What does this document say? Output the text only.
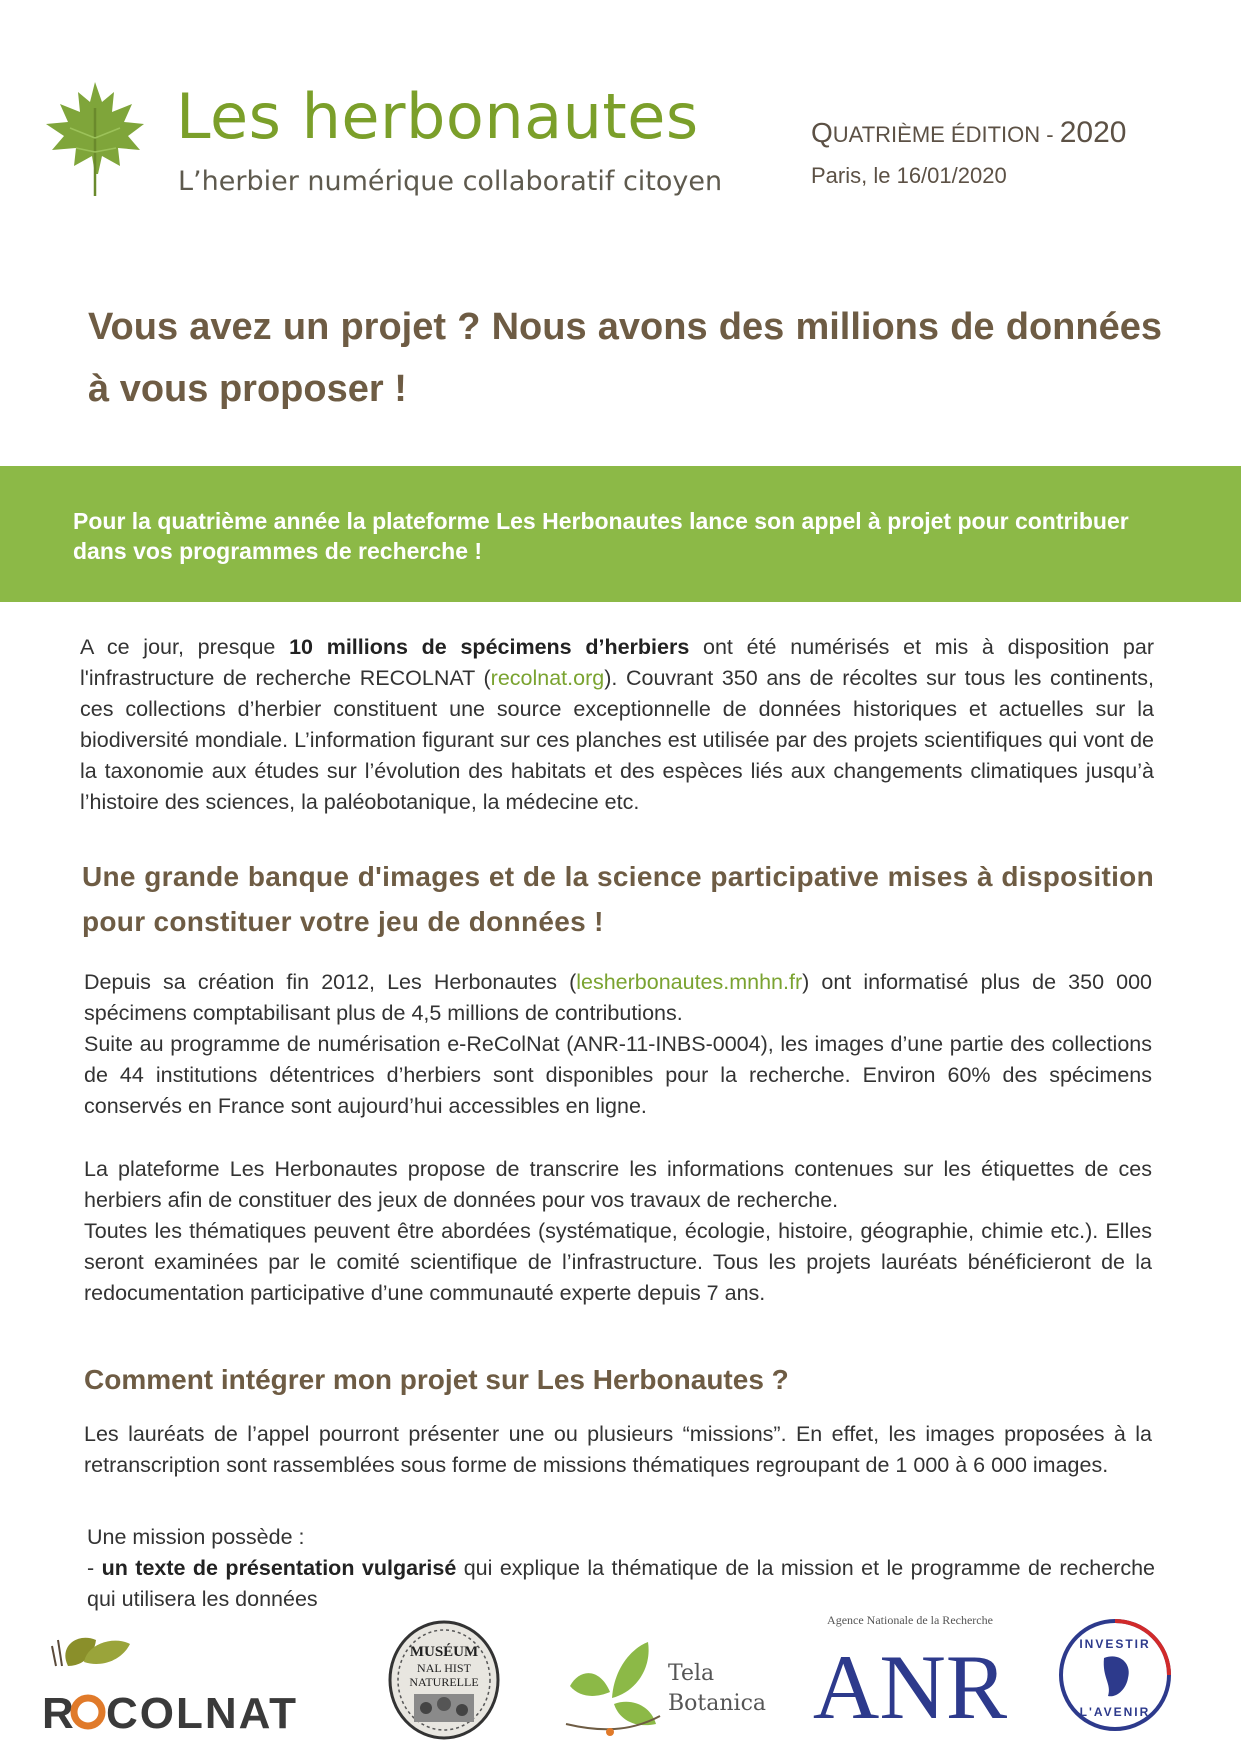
Les herbonautes
L’herbier numérique collaboratif citoyen
QUATRIÈME ÉDITION - 2020
Paris, le 16/01/2020
Vous avez un projet ? Nous avons des millions de données à vous proposer !
Pour la quatrième année la plateforme Les Herbonautes lance son appel à projet pour contribuer dans vos programmes de recherche !
A ce jour, presque 10 millions de spécimens d’herbiers ont été numérisés et mis à disposition par l'infrastructure de recherche RECOLNAT (recolnat.org). Couvrant 350 ans de récoltes sur tous les continents, ces collections d’herbier constituent une source exceptionnelle de données historiques et actuelles sur la biodiversité mondiale. L’information figurant sur ces planches est utilisée par des projets scientifiques qui vont de la taxonomie aux études sur l’évolution des habitats et des espèces liés aux changements climatiques jusqu’à l’histoire des sciences, la paléobotanique, la médecine etc.
Une grande banque d'images et de la science participative mises à disposition pour constituer votre jeu de données !
Depuis sa création fin 2012, Les Herbonautes (lesherbonautes.mnhn.fr) ont informatisé plus de 350 000 spécimens comptabilisant plus de 4,5 millions de contributions.
Suite au programme de numérisation e-ReColNat (ANR-11-INBS-0004), les images d’une partie des collections de 44 institutions détentrices d’herbiers sont disponibles pour la recherche. Environ 60% des spécimens conservés en France sont aujourd’hui accessibles en ligne.
La plateforme Les Herbonautes propose de transcrire les informations contenues sur les étiquettes de ces herbiers afin de constituer des jeux de données pour vos travaux de recherche.
Toutes les thématiques peuvent être abordées (systématique, écologie, histoire, géographie, chimie etc.). Elles seront examinées par le comité scientifique de l’infrastructure. Tous les projets lauréats bénéficieront de la redocumentation participative d’une communauté experte depuis 7 ans.
Comment intégrer mon projet sur Les Herbonautes ?
Les lauréats de l’appel pourront présenter une ou plusieurs “missions”. En effet, les images proposées à la retranscription sont rassemblées sous forme de missions thématiques regroupant de 1 000 à 6 000 images.
Une mission possède :
- un texte de présentation vulgarisé qui explique la thématique de la mission et le programme de recherche qui utilisera les données
R COLNAT
MUSÉUM
NAL HIST
NATURELLE	Tela
Botanica
Agence Nationale de la Recherche
ANR	INVESTIR
L'AVENIR
